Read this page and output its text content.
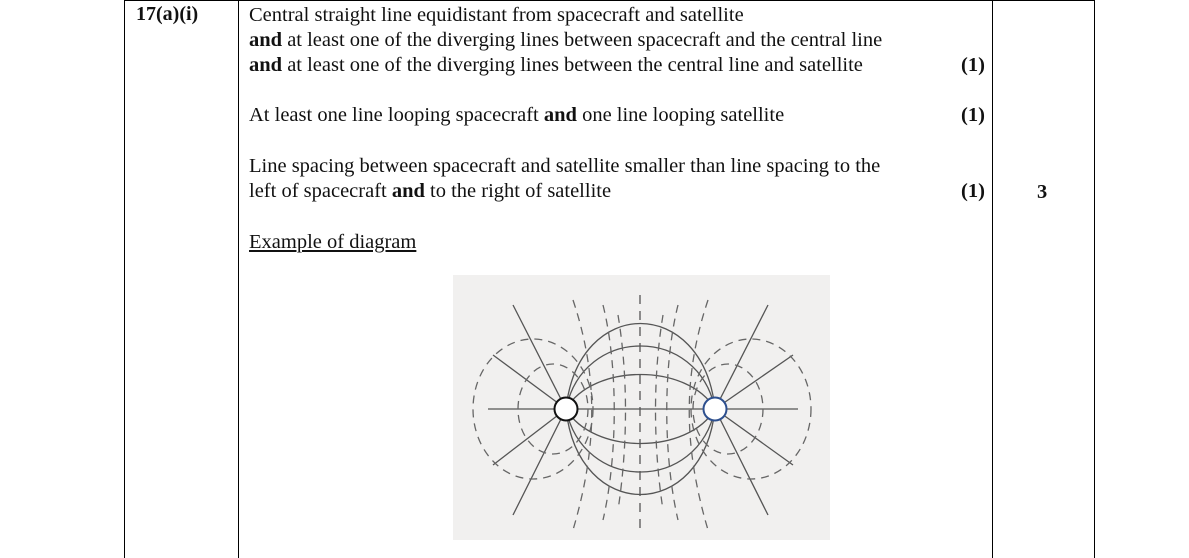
17(a)(i) Central straight line equidistant from spacecraft and satellite
and at least one of the diverging lines between spacecraft and the central line
and at least one of the diverging lines between the central line and satellite
At least one line looping spacecraft and one line looping satellite
Line spacing between spacecraft and satellite smaller than line spacing to the
left of spacecraft and to the right of satellite
(1)
(1)
(1)	3
Example of diagram
